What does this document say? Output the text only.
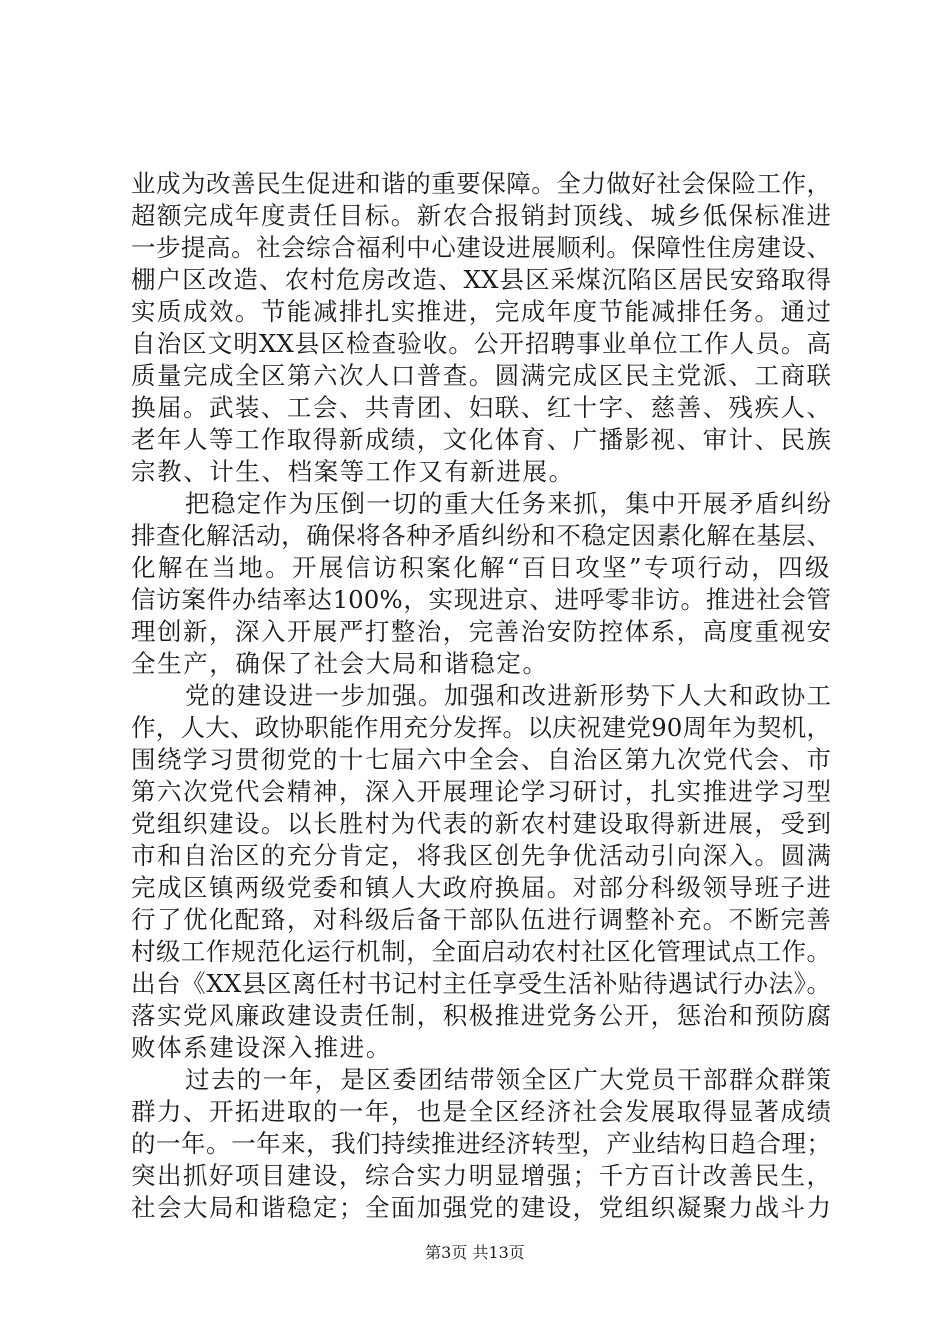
业成为改善民生促进和谐的重要保障。全力做好社会保险工作，
超额完成年度责任目标。新农合报销封顶线、城乡低保标准进
一步提高。社会综合福利中心建设进展顺利。保障性住房建设、
棚户区改造、农村危房改造、XX县区采煤沉陷区居民安臵取得
实质成效。节能减排扎实推进，完成年度节能减排任务。通过
自治区文明XX县区检查验收。公开招聘事业单位工作人员。高
质量完成全区第六次人口普查。圆满完成区民主党派、工商联
换届。武装、工会、共青团、妇联、红十字、慈善、残疾人、
老年人等工作取得新成绩，文化体育、广播影视、审计、民族
宗教、计生、档案等工作又有新进展。
把稳定作为压倒一切的重大任务来抓，集中开展矛盾纠纷
排查化解活动，确保将各种矛盾纠纷和不稳定因素化解在基层、
化解在当地。开展信访积案化解“百日攻坚”专项行动，四级
信访案件办结率达100%，实现进京、进呼零非访。推进社会管
理创新，深入开展严打整治，完善治安防控体系，高度重视安
全生产，确保了社会大局和谐稳定。
党的建设进一步加强。加强和改进新形势下人大和政协工
作，人大、政协职能作用充分发挥。以庆祝建党90周年为契机，
围绕学习贯彻党的十七届六中全会、自治区第九次党代会、市
第六次党代会精神，深入开展理论学习研讨，扎实推进学习型
党组织建设。以长胜村为代表的新农村建设取得新进展，受到
市和自治区的充分肯定，将我区创先争优活动引向深入。圆满
完成区镇两级党委和镇人大政府换届。对部分科级领导班子进
行了优化配臵，对科级后备干部队伍进行调整补充。不断完善
村级工作规范化运行机制，全面启动农村社区化管理试点工作。
出台《XX县区离任村书记村主任享受生活补贴待遇试行办法》。
落实党风廉政建设责任制，积极推进党务公开，惩治和预防腐
败体系建设深入推进。
过去的一年，是区委团结带领全区广大党员干部群众群策
群力、开拓进取的一年，也是全区经济社会发展取得显著成绩
的一年。一年来，我们持续推进经济转型，产业结构日趋合理；
突出抓好项目建设，综合实力明显增强；千方百计改善民生，
社会大局和谐稳定；全面加强党的建设，党组织凝聚力战斗力
第3页 共13页
